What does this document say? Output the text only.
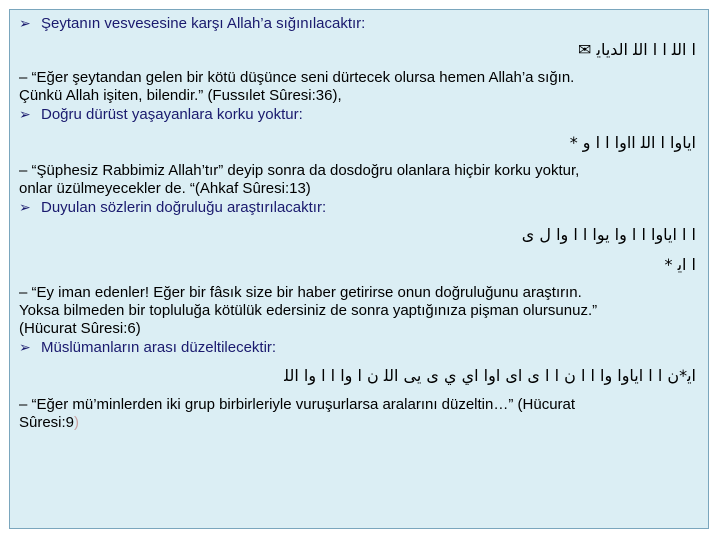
➢ Şeytanın vesvesesine karşı Allah’a sığınılacaktır:
ا ﺍﻟﻠ ﺍ ﺍ ﺍﻟﻠ ﺍﻟﺪﻳﺎﻳ ✉
– “Eğer şeytandan gelen bir kötü düşünce seni dürtecek olursa hemen Allah’a sığın.
Çünkü Allah işiten, bilendir.” (Fussılet Sûresi:36),
➢ Doğru dürüst yaşayanlara korku yoktur:
ﺍﻳﺎﻭﺍ ﺍ ﺍﻟﻠ ﺍﺍﻭﺍ ﺍ ﺍ ﻭ *
– “Şüphesiz Rabbimiz Allah’tır” deyip sonra da dosdoğru olanlara hiçbir korku yoktur,
onlar üzülmeyecekler de. “(Ahkaf Sûresi:13)
➢ Duyulan sözlerin doğruluğu araştırılacaktır:
ﺍ ﺍ ﺍﻳﺎﻭﺍ ﺍ ﺍ ﻭﺍ ﻳﻮﺍ ﺍ ﺍ ﻭﺍ ﻝ ﻯ
ﺍ ﺍﻳ *
– “Ey iman edenler! Eğer bir fâsık size bir haber getirirse onun doğruluğunu araştırın.
Yoksa bilmeden bir topluluğa kötülük edersiniz de sonra yaptığınıza pişman olursunuz.”
(Hücurat Sûresi:6)
➢ Müslümanların arası düzeltilecektir:
ﺍﻳ*ﻥ ﺍ ﺍ ﺍﻳﺎﻭﺍ ﻭﺍ ﺍ ﺍ ﻥ ﺍ ﺍ ﻯ ﺍﻯ ﺍﻭﺍ ﺍﻱ ﻱ ﻯ ﻳﻰ ﺍﻟﻠ ﻥ ﺍ ﻭﺍ ﺍ ﺍ ﻭﺍ ﺍﻟﻠ
– “Eğer mü’minlerden iki grup birbirleriyle vuruşurlarsa aralarını düzeltin…” (Hücurat
Sûresi:9)
